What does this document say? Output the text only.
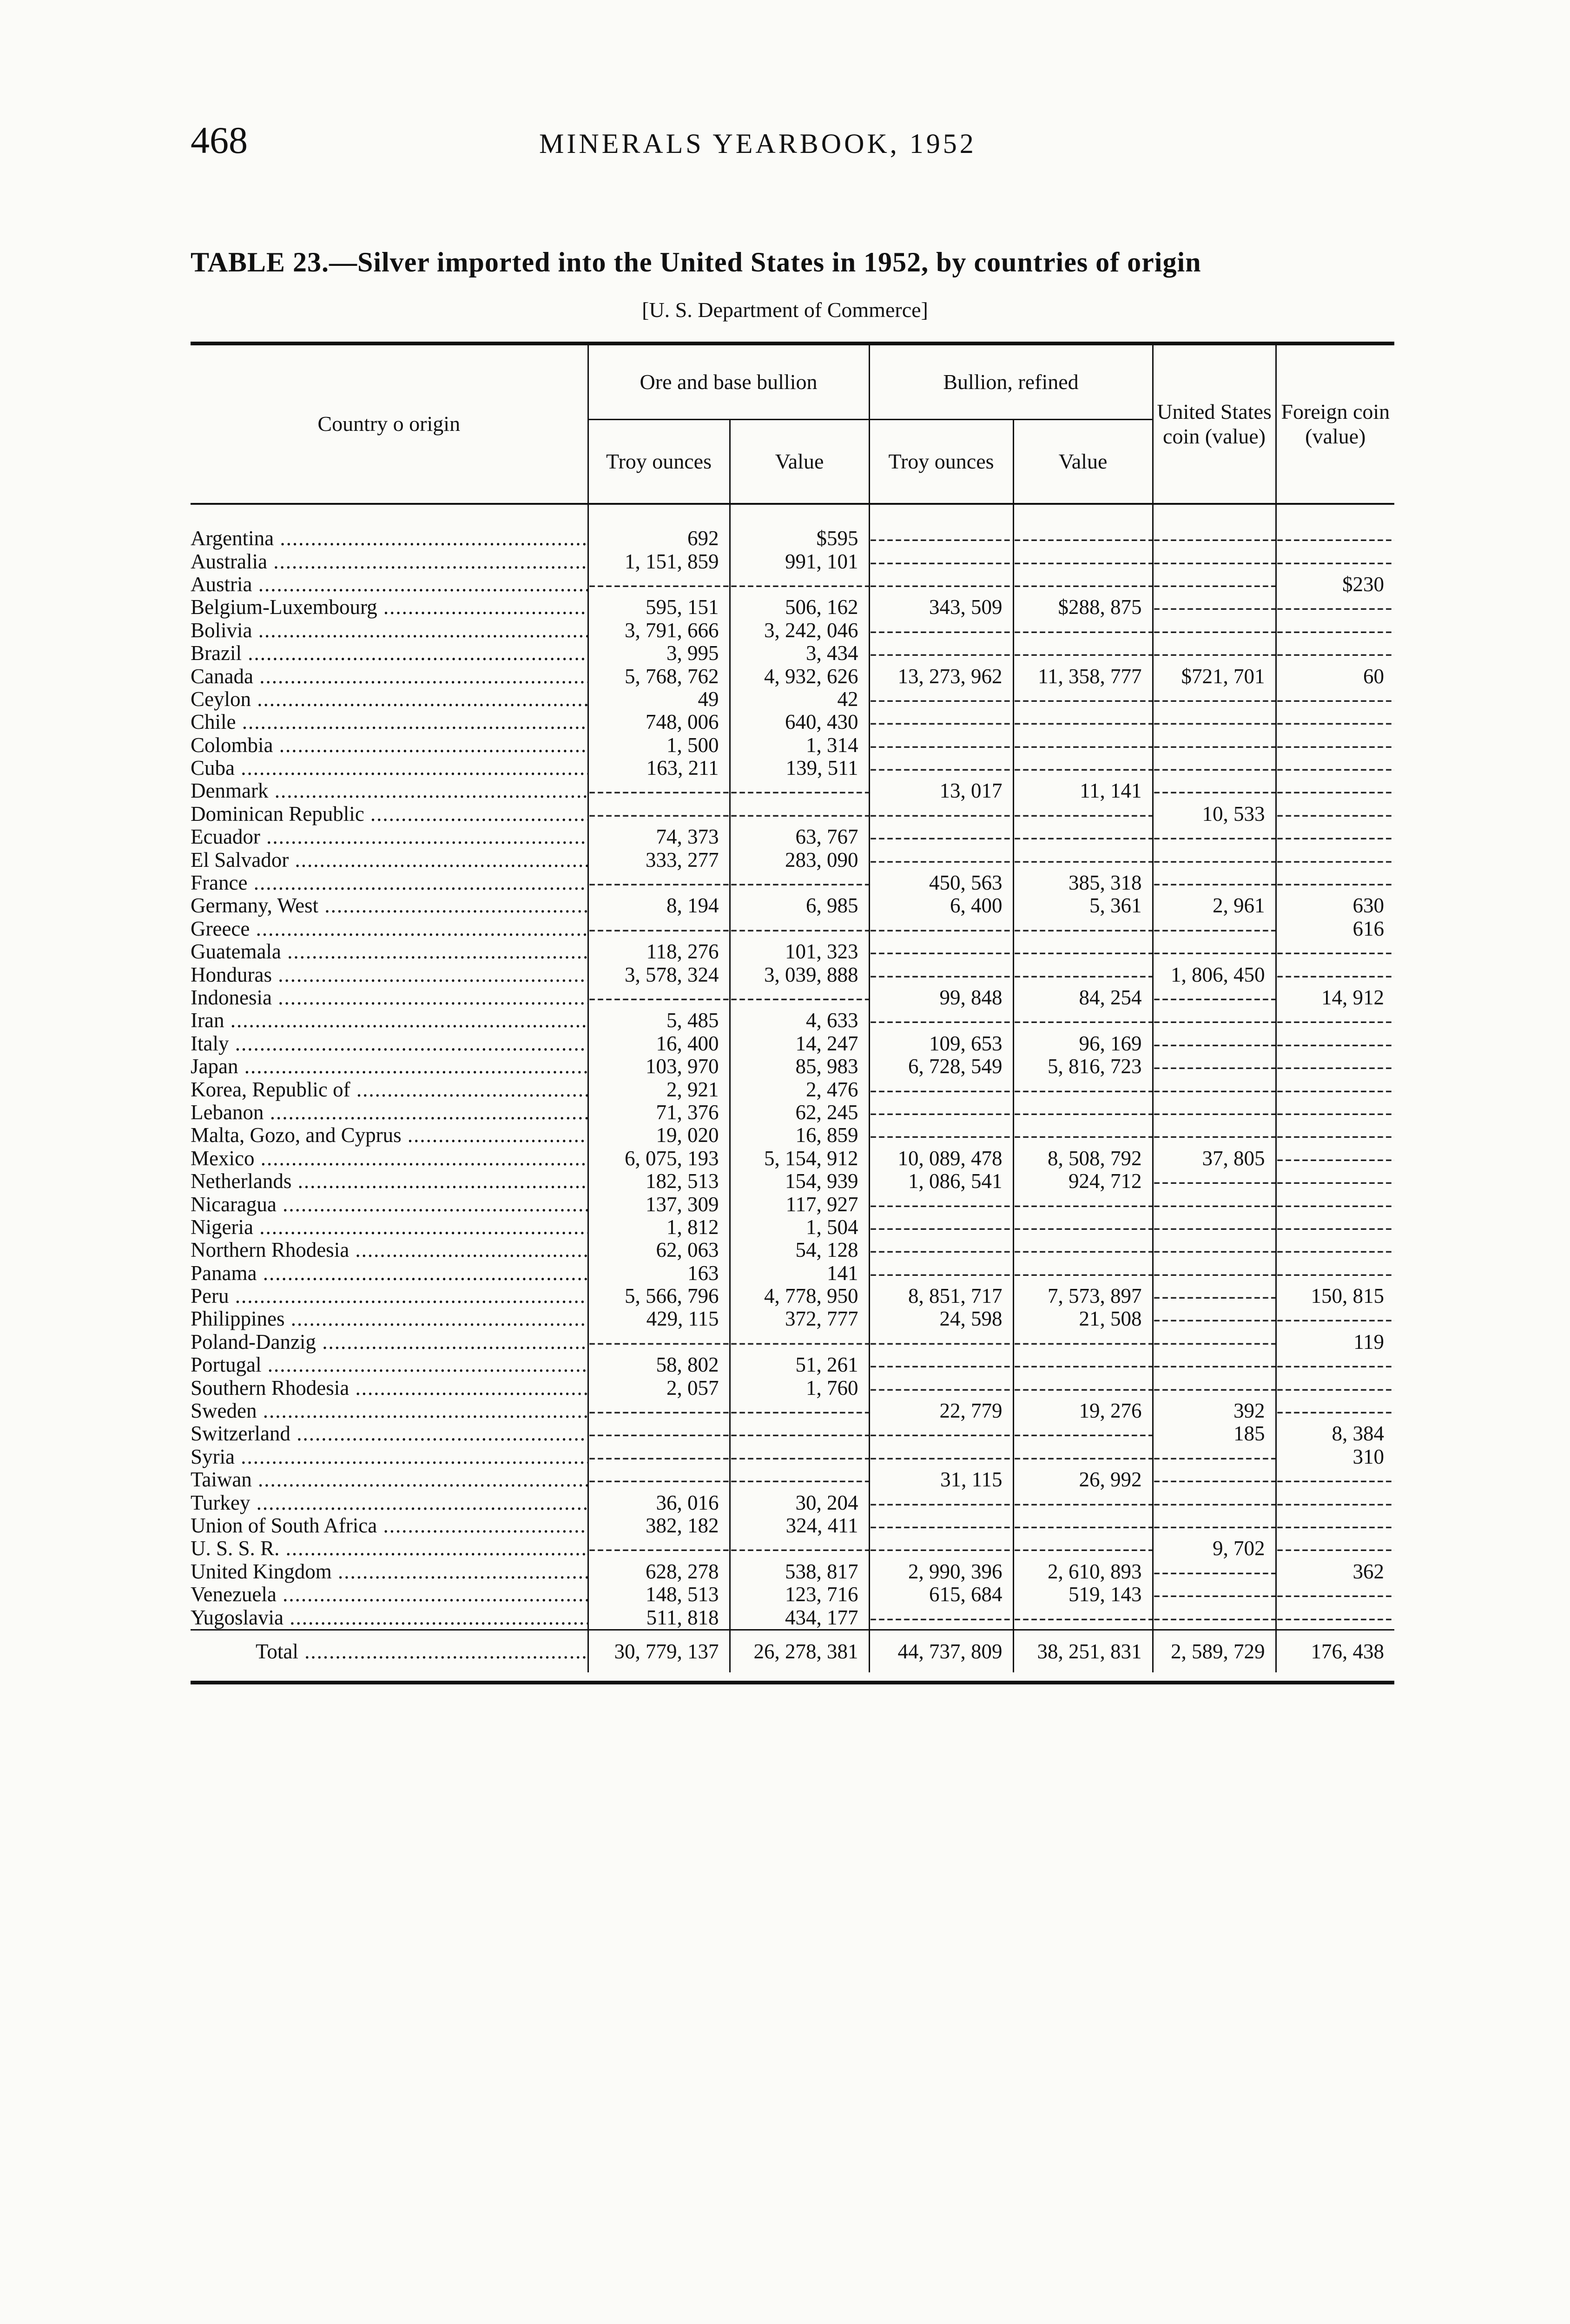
468	MINERALS YEARBOOK, 1952
TABLE 23.—Silver imported into the United States in 1952, by countries of origin
[U. S. Department of Commerce]
Country o origin	Ore and base bullion		Bullion, refined		United States coin (value)	Foreign coin (value)
	Troy ounces	Value	Troy ounces	Value		
Argentina .....	692	$595	-----	-----	-----	-----
Australia .....	1, 151, 859	991, 101	-----	-----	-----	-----
Austria .....	-----	-----	-----	-----	-----	$230
Belgium-Luxembourg .....	595, 151	506, 162	343, 509	$288, 875	-----	-----
Bolivia .....	3, 791, 666	3, 242, 046	-----	-----	-----	-----
Brazil .....	3, 995	3, 434	-----	-----	-----	-----
Canada .....	5, 768, 762	4, 932, 626	13, 273, 962	11, 358, 777	$721, 701	60
Ceylon .....	49	42	-----	-----	-----	-----
Chile .....	748, 006	640, 430	-----	-----	-----	-----
Colombia .....	1, 500	1, 314	-----	-----	-----	-----
Cuba .....	163, 211	139, 511	-----	-----	-----	-----
Denmark .....	-----	-----	13, 017	11, 141	-----	-----
Dominican Republic .....	-----	-----	-----	-----	10, 533	-----
Ecuador .....	74, 373	63, 767	-----	-----	-----	-----
El Salvador .....	333, 277	283, 090	-----	-----	-----	-----
France .....	-----	-----	450, 563	385, 318	-----	-----
Germany, West .....	8, 194	6, 985	6, 400	5, 361	2, 961	630
Greece .....	-----	-----	-----	-----	-----	616
Guatemala .....	118, 276	101, 323	-----	-----	-----	-----
Honduras .....	3, 578, 324	3, 039, 888	-----	-----	1, 806, 450	-----
Indonesia .....	-----	-----	99, 848	84, 254	-----	14, 912
Iran .....	5, 485	4, 633	-----	-----	-----	-----
Italy .....	16, 400	14, 247	109, 653	96, 169	-----	-----
Japan .....	103, 970	85, 983	6, 728, 549	5, 816, 723	-----	-----
Korea, Republic of .....	2, 921	2, 476	-----	-----	-----	-----
Lebanon .....	71, 376	62, 245	-----	-----	-----	-----
Malta, Gozo, and Cyprus .....	19, 020	16, 859	-----	-----	-----	-----
Mexico .....	6, 075, 193	5, 154, 912	10, 089, 478	8, 508, 792	37, 805	-----
Netherlands .....	182, 513	154, 939	1, 086, 541	924, 712	-----	-----
Nicaragua .....	137, 309	117, 927	-----	-----	-----	-----
Nigeria .....	1, 812	1, 504	-----	-----	-----	-----
Northern Rhodesia .....	62, 063	54, 128	-----	-----	-----	-----
Panama .....	163	141	-----	-----	-----	-----
Peru .....	5, 566, 796	4, 778, 950	8, 851, 717	7, 573, 897	-----	150, 815
Philippines .....	429, 115	372, 777	24, 598	21, 508	-----	-----
Poland-Danzig .....	-----	-----	-----	-----	-----	119
Portugal .....	58, 802	51, 261	-----	-----	-----	-----
Southern Rhodesia .....	2, 057	1, 760	-----	-----	-----	-----
Sweden .....	-----	-----	22, 779	19, 276	392	-----
Switzerland .....	-----	-----	-----	-----	185	8, 384
Syria .....	-----	-----	-----	-----	-----	310
Taiwan .....	-----	-----	31, 115	26, 992	-----	-----
Turkey .....	36, 016	30, 204	-----	-----	-----	-----
Union of South Africa .....	382, 182	324, 411	-----	-----	-----	-----
U. S. S. R. .....	-----	-----	-----	-----	9, 702	-----
United Kingdom .....	628, 278	538, 817	2, 990, 396	2, 610, 893	-----	362
Venezuela .....	148, 513	123, 716	615, 684	519, 143	-----	-----
Yugoslavia .....	511, 818	434, 177	-----	-----	-----	-----
Total .....	30, 779, 137	26, 278, 381	44, 737, 809	38, 251, 831	2, 589, 729	176, 438
